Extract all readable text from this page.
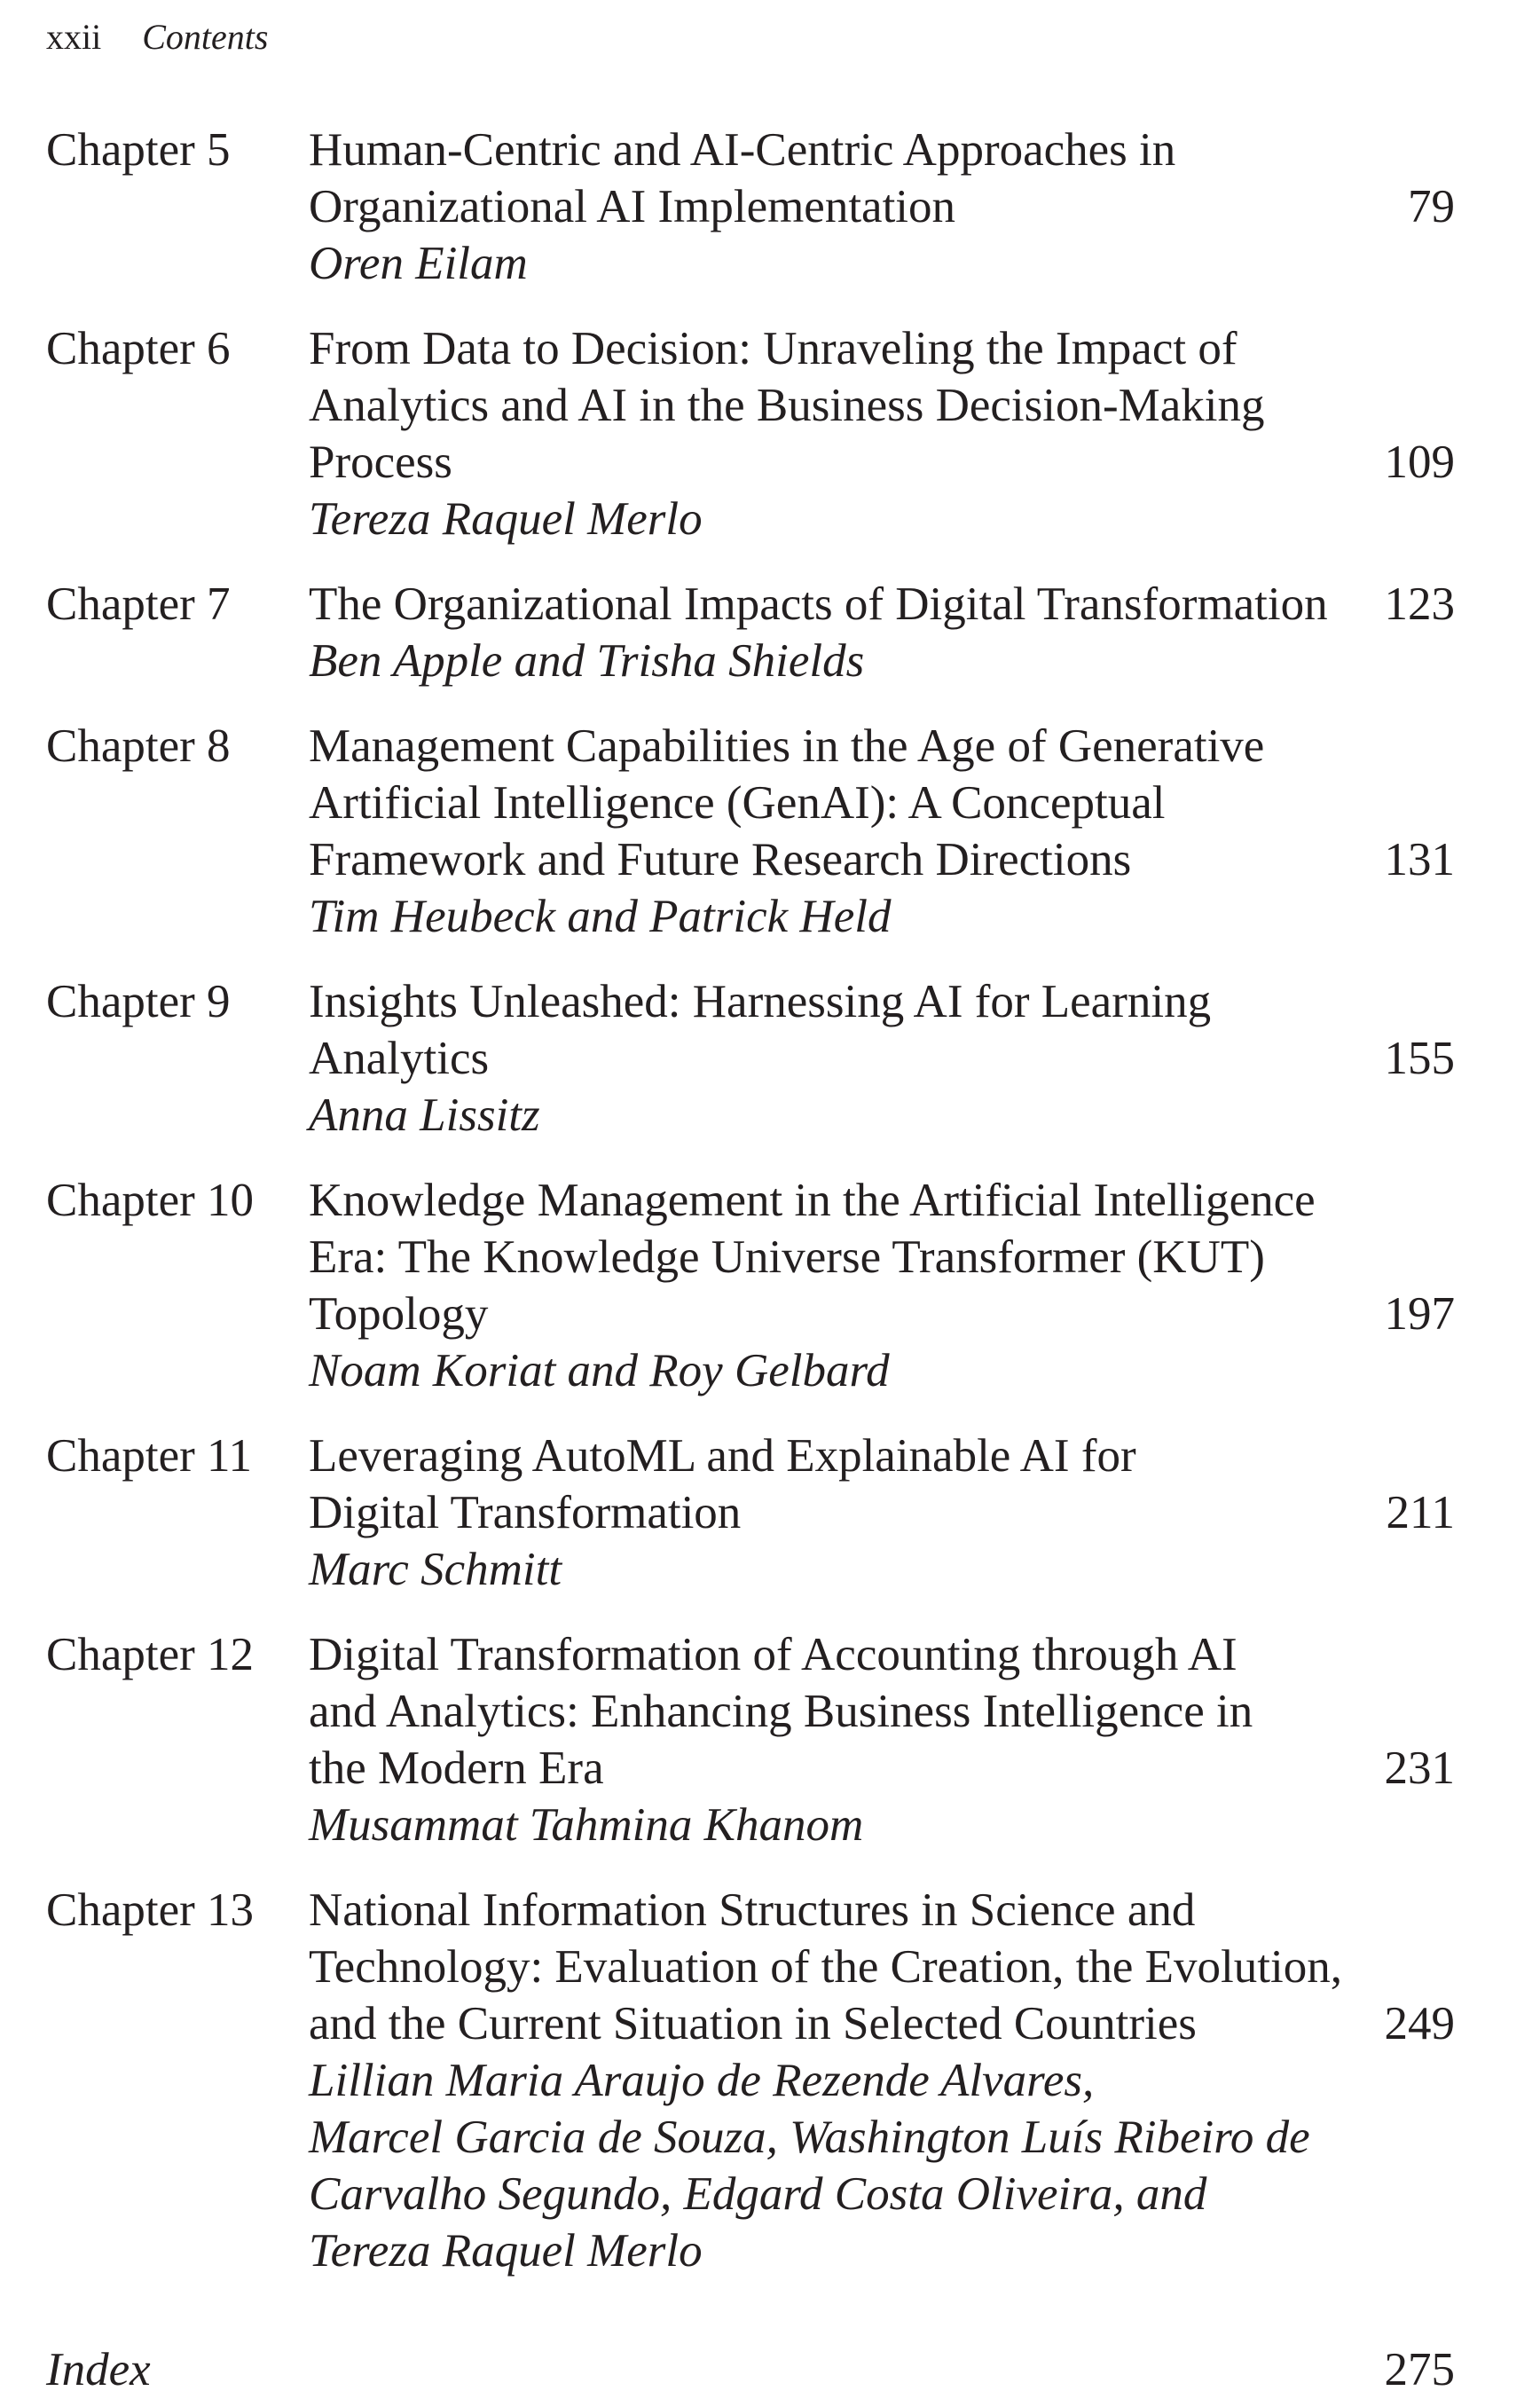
xxii Contents
Chapter 5 Human-Centric and AI-Centric Approaches in
Organizational AI Implementation
Oren Eilam
79
Chapter 6 From Data to Decision: Unraveling the Impact of
Analytics and AI in the Business Decision-Making
Process
Tereza Raquel Merlo
109
Chapter 7 The Organizational Impacts of Digital Transformation
Ben Apple and Trisha Shields
123
Chapter 8 Management Capabilities in the Age of Generative
Artificial Intelligence (GenAI): A Conceptual
Framework and Future Research Directions
Tim Heubeck and Patrick Held
131
Chapter 9 Insights Unleashed: Harnessing AI for Learning
Analytics
Anna Lissitz
155
Chapter 10 Knowledge Management in the Artificial Intelligence
Era: The Knowledge Universe Transformer (KUT)
Topology
Noam Koriat and Roy Gelbard
197
Chapter 11 Leveraging AutoML and Explainable AI for
Digital Transformation
Marc Schmitt
211
Chapter 12 Digital Transformation of Accounting through AI
and Analytics: Enhancing Business Intelligence in
the Modern Era
Musammat Tahmina Khanom
231
Chapter 13 National Information Structures in Science and
Technology: Evaluation of the Creation, the Evolution,
and the Current Situation in Selected Countries
Lillian Maria Araujo de Rezende Alvares,
Marcel Garcia de Souza, Washington Luís Ribeiro de
Carvalho Segundo, Edgard Costa Oliveira, and
Tereza Raquel Merlo
249
Index	275
